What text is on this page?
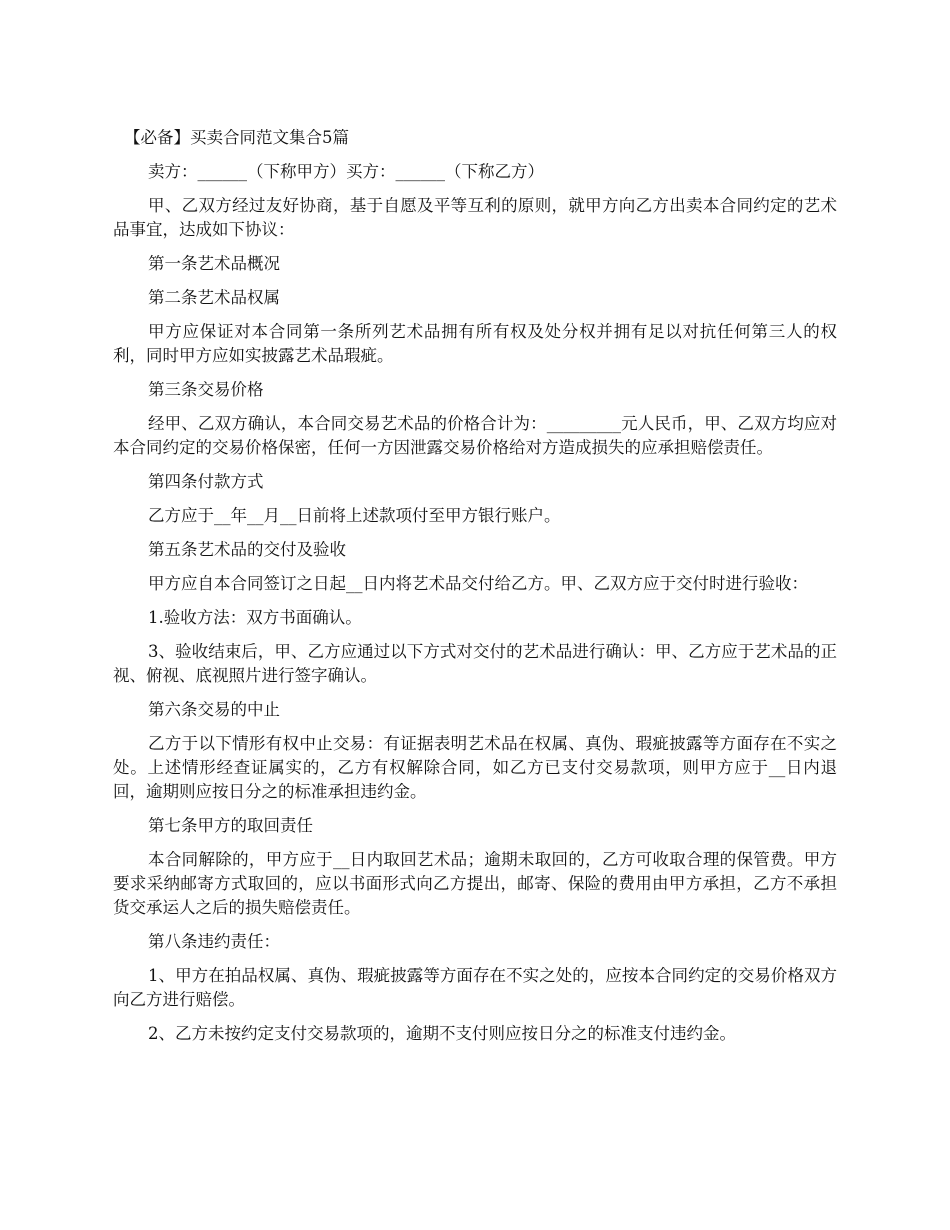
【必备】买卖合同范文集合5篇

卖方：______（下称甲方）买方：______（下称乙方）

甲、乙双方经过友好协商，基于自愿及平等互利的原则，就甲方向乙方出卖本合同约定的艺术品事宜，达成如下协议：

第一条艺术品概况

第二条艺术品权属

甲方应保证对本合同第一条所列艺术品拥有所有权及处分权并拥有足以对抗任何第三人的权利，同时甲方应如实披露艺术品瑕疵。

第三条交易价格

经甲、乙双方确认，本合同交易艺术品的价格合计为：_________元人民币，甲、乙双方均应对本合同约定的交易价格保密，任何一方因泄露交易价格给对方造成损失的应承担赔偿责任。

第四条付款方式

乙方应于__年__月__日前将上述款项付至甲方银行账户。

第五条艺术品的交付及验收

甲方应自本合同签订之日起__日内将艺术品交付给乙方。甲、乙双方应于交付时进行验收：

1.验收方法：双方书面确认。

3、验收结束后，甲、乙方应通过以下方式对交付的艺术品进行确认：甲、乙方应于艺术品的正视、俯视、底视照片进行签字确认。

第六条交易的中止

乙方于以下情形有权中止交易：有证据表明艺术品在权属、真伪、瑕疵披露等方面存在不实之处。上述情形经查证属实的，乙方有权解除合同，如乙方已支付交易款项，则甲方应于__日内退回，逾期则应按日分之的标准承担违约金。

第七条甲方的取回责任

本合同解除的，甲方应于__日内取回艺术品；逾期未取回的，乙方可收取合理的保管费。甲方要求采纳邮寄方式取回的，应以书面形式向乙方提出，邮寄、保险的费用由甲方承担，乙方不承担货交承运人之后的损失赔偿责任。

第八条违约责任：

1、甲方在拍品权属、真伪、瑕疵披露等方面存在不实之处的，应按本合同约定的交易价格双方向乙方进行赔偿。

2、乙方未按约定支付交易款项的，逾期不支付则应按日分之的标准支付违约金。
